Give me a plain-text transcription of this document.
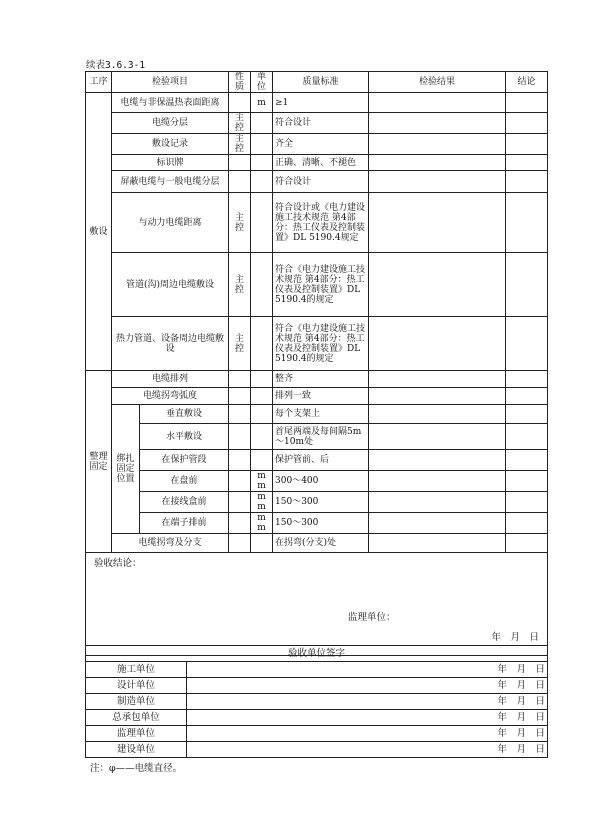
续表3.6.3-1
工序	检验项目		性质	单位	质量标准	检验结果	结论
敷设	电缆与非保温热表面距离			m	≥1	

	电缆分层		主控		符合设计		
	敷设记录		主控		齐全		
	标识牌				正确、清晰、不褪色		
	屏蔽电缆与一般电缆分层				符合设计		
	与动力电缆距离		主控		符合设计或《电力建设施工技术规范 第4部分：热工仪表及控制装置》DL 5190.4规定		
	管道(沟)周边电缆敷设		主控		符合《电力建设施工技术规范 第4部分：热工仪表及控制装置》DL 5190.4的规定		
	热力管道、设备周边电缆敷设		主控		符合《电力建设施工技术规范 第4部分：热工仪表及控制装置》DL 5190.4的规定		
整理固定	电缆排列				整齐		
	电缆拐弯弧度				排列一致		
	绑扎固定位置	垂直敷设			每个支架上		
		水平敷设			首尾两端及每间隔5m～10m处		
		在保护管段			保护管前、后		
		在盘前		mm	300～400	

		在接线盒前		mm	150～300	

		在端子排前		mm	150～300	

	电缆拐弯及分支				在拐弯(分支)处		

验收结论：
监理单位：
年　月　日							
验收单位签字	
施工单位	年　月　日
设计单位	年　月　日
制造单位	年　月　日
总承包单位	年　月　日
监理单位	年　月　日
建设单位	年　月　日
注：φ——电缆直径。
